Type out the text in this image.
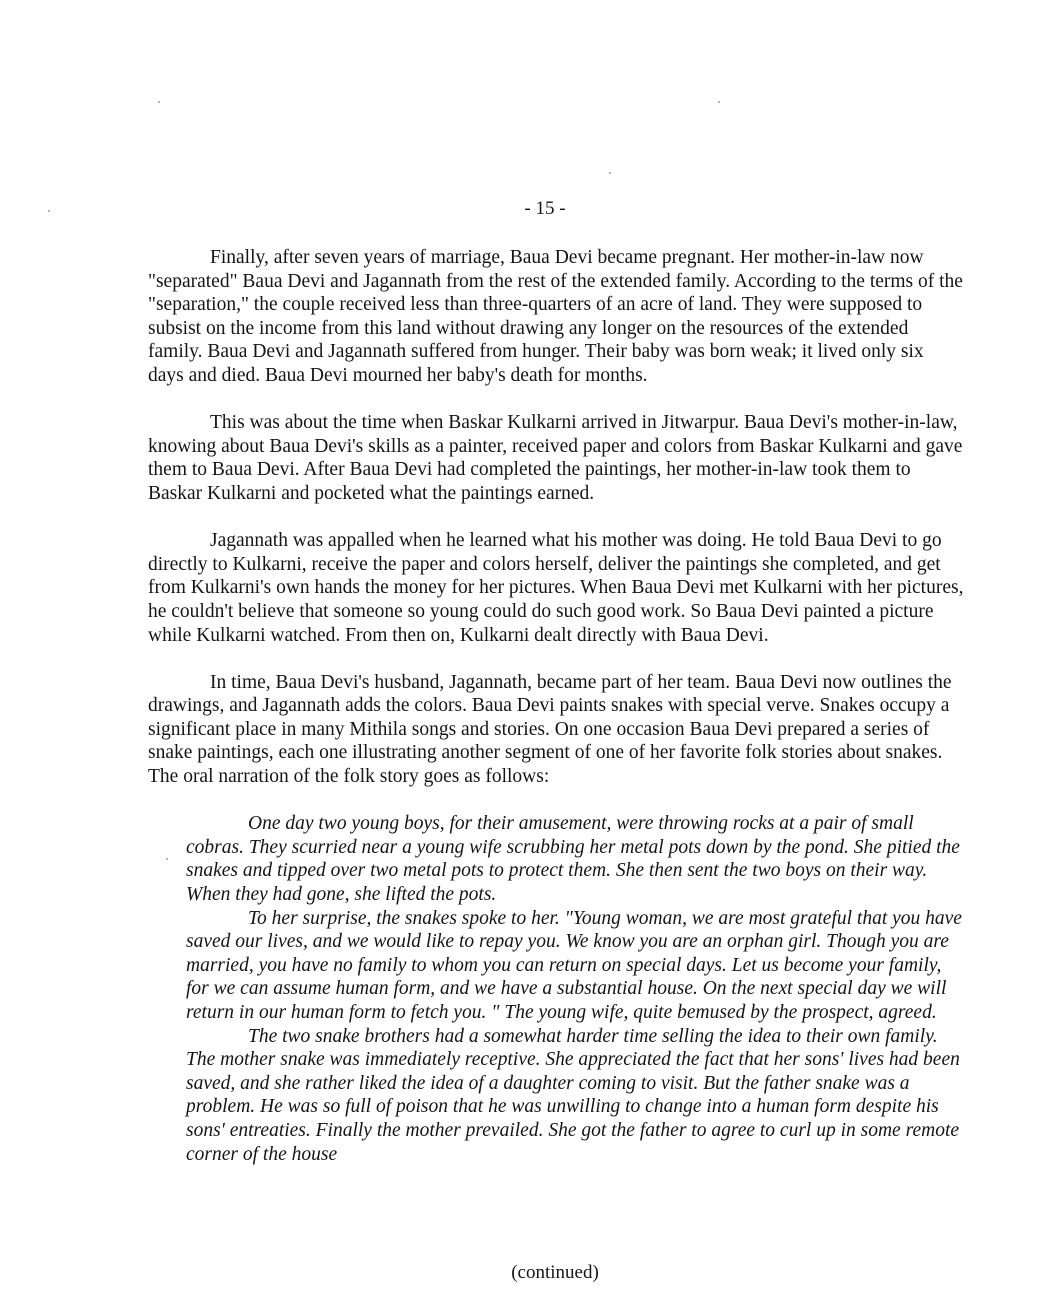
- 15 -

Finally, after seven years of marriage, Baua Devi became pregnant. Her mother-in-law now "separated" Baua Devi and Jagannath from the rest of the extended family. According to the terms of the "separation," the couple received less than three-quarters of an acre of land. They were supposed to subsist on the income from this land without drawing any longer on the resources of the extended family. Baua Devi and Jagannath suffered from hunger. Their baby was born weak; it lived only six days and died. Baua Devi mourned her baby's death for months.

This was about the time when Baskar Kulkarni arrived in Jitwarpur. Baua Devi's mother-in-law, knowing about Baua Devi's skills as a painter, received paper and colors from Baskar Kulkarni and gave them to Baua Devi. After Baua Devi had completed the paintings, her mother-in-law took them to Baskar Kulkarni and pocketed what the paintings earned.

Jagannath was appalled when he learned what his mother was doing. He told Baua Devi to go directly to Kulkarni, receive the paper and colors herself, deliver the paintings she completed, and get from Kulkarni's own hands the money for her pictures. When Baua Devi met Kulkarni with her pictures, he couldn't believe that someone so young could do such good work. So Baua Devi painted a picture while Kulkarni watched. From then on, Kulkarni dealt directly with Baua Devi.

In time, Baua Devi's husband, Jagannath, became part of her team. Baua Devi now outlines the drawings, and Jagannath adds the colors. Baua Devi paints snakes with special verve. Snakes occupy a significant place in many Mithila songs and stories. On one occasion Baua Devi prepared a series of snake paintings, each one illustrating another segment of one of her favorite folk stories about snakes. The oral narration of the folk story goes as follows:

One day two young boys, for their amusement, were throwing rocks at a pair of small cobras. They scurried near a young wife scrubbing her metal pots down by the pond. She pitied the snakes and tipped over two metal pots to protect them. She then sent the two boys on their way. When they had gone, she lifted the pots.

To her surprise, the snakes spoke to her. "Young woman, we are most grateful that you have saved our lives, and we would like to repay you. We know you are an orphan girl. Though you are married, you have no family to whom you can return on special days. Let us become your family, for we can assume human form, and we have a substantial house. On the next special day we will return in our human form to fetch you. " The young wife, quite bemused by the prospect, agreed.

The two snake brothers had a somewhat harder time selling the idea to their own family. The mother snake was immediately receptive. She appreciated the fact that her sons' lives had been saved, and she rather liked the idea of a daughter coming to visit. But the father snake was a problem. He was so full of poison that he was unwilling to change into a human form despite his sons' entreaties. Finally the mother prevailed. She got the father to agree to curl up in some remote corner of the house

(continued)
